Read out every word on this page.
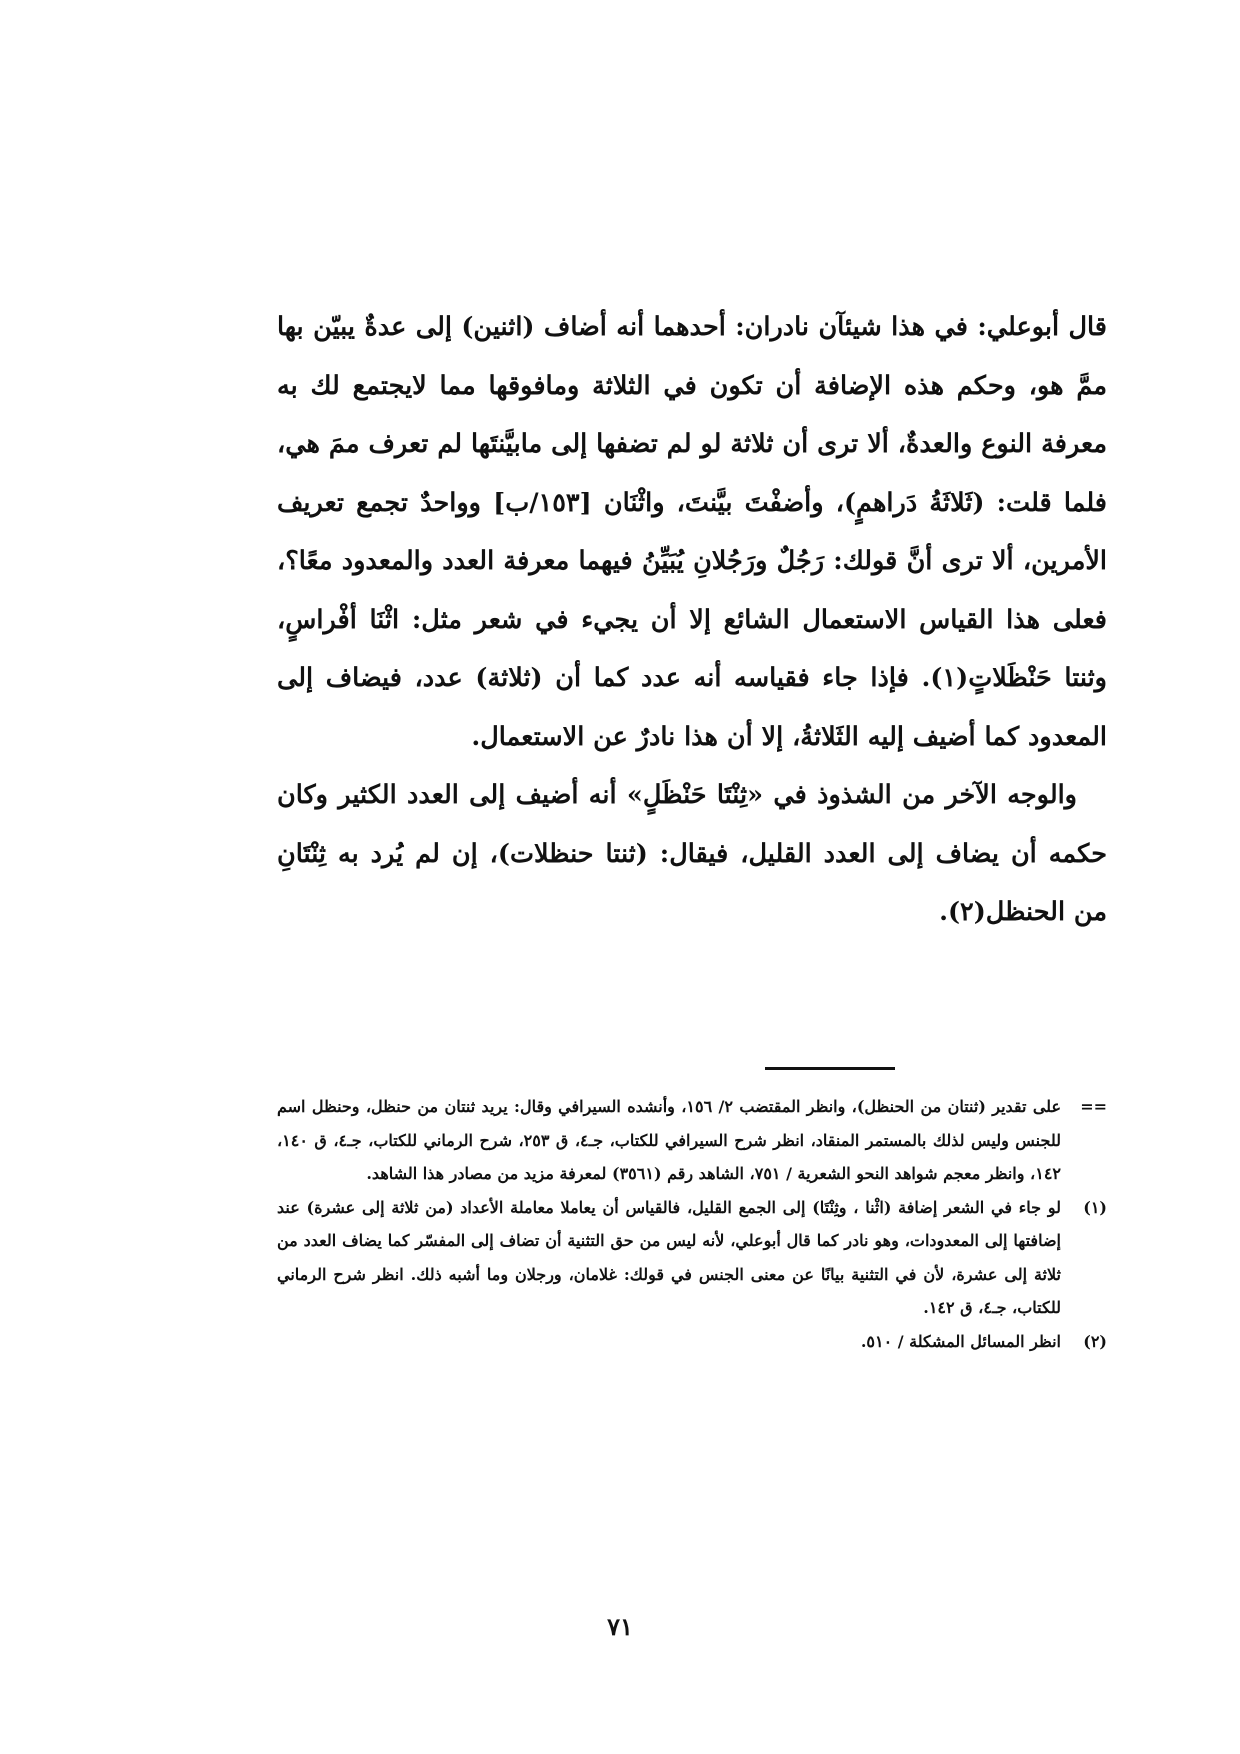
قال أبوعلي: في هذا شيئآن نادران: أحدهما أنه أضاف (اثنين) إلى عدةٌ يبيّن بها ممَّ هو، وحكم هذه الإضافة أن تكون في الثلاثة ومافوقها مما لايجتمع لك به معرفة النوع والعدةٌ، ألا ترى أن ثلاثة لو لم تضفها إلى مابيَّنتَها لم تعرف ممَ هي، فلما قلت: (ثَلاثَةُ دَراهمٍ)، وأضفْتَ بيَّنتَ، واثْنَان [١٥٣/ب] وواحدٌ تجمع تعريف الأمرين، ألا ترى أنَّ قولك: رَجُلٌ ورَجُلانِ يُبَيِّنُ فيهما معرفة العدد والمعدود معًا؟، فعلى هذا القياس الاستعمال الشائع إلا أن يجيء في شعر مثل: اثْنَا أفْراسٍ، وثنتا حَنْظَلاتٍ(١). فإذا جاء فقياسه أنه عدد كما أن (ثلاثة) عدد، فيضاف إلى المعدود كما أضيف إليه الثَلاثةُ، إلا أن هذا نادرٌ عن الاستعمال.

والوجه الآخر من الشذوذ في «ثِنْتَا حَنْظَلٍ» أنه أضيف إلى العدد الكثير وكان حكمه أن يضاف إلى العدد القليل، فيقال: (ثنتا حنظلات)، إن لم يُرد به ثِنْتَانِ من الحنظل(٢).

==
على تقدير (ثنتان من الحنظل)، وانظر المقتضب ٢/ ١٥٦، وأنشده السيرافي وقال: يريد ثنتان من حنظل، وحنظل اسم للجنس وليس لذلك بالمستمر المنقاد، انظر شرح السيرافي للكتاب، جـ٤، ق ٢٥٣، شرح الرماني للكتاب، جـ٤، ق ١٤٠، ١٤٢، وانظر معجم شواهد النحو الشعرية / ٧٥١، الشاهد رقم (٣٥٦١) لمعرفة مزيد من مصادر هذا الشاهد.
(١)
لو جاء في الشعر إضافة (اثْنا ، وثِنْتَا) إلى الجمع القليل، فالقياس أن يعاملا معاملة الأعداد (من ثلاثة إلى عشرة) عند إضافتها إلى المعدودات، وهو نادر كما قال أبوعلي، لأنه ليس من حق التثنية أن تضاف إلى المفسّر كما يضاف العدد من ثلاثة إلى عشرة، لأن في التثنية بيانًا عن معنى الجنس في قولك: غلامان، ورجلان وما أشبه ذلك. انظر شرح الرماني للكتاب، جـ٤، ق ١٤٢.
(٢)
انظر المسائل المشكلة / ٥١٠.
٧١
